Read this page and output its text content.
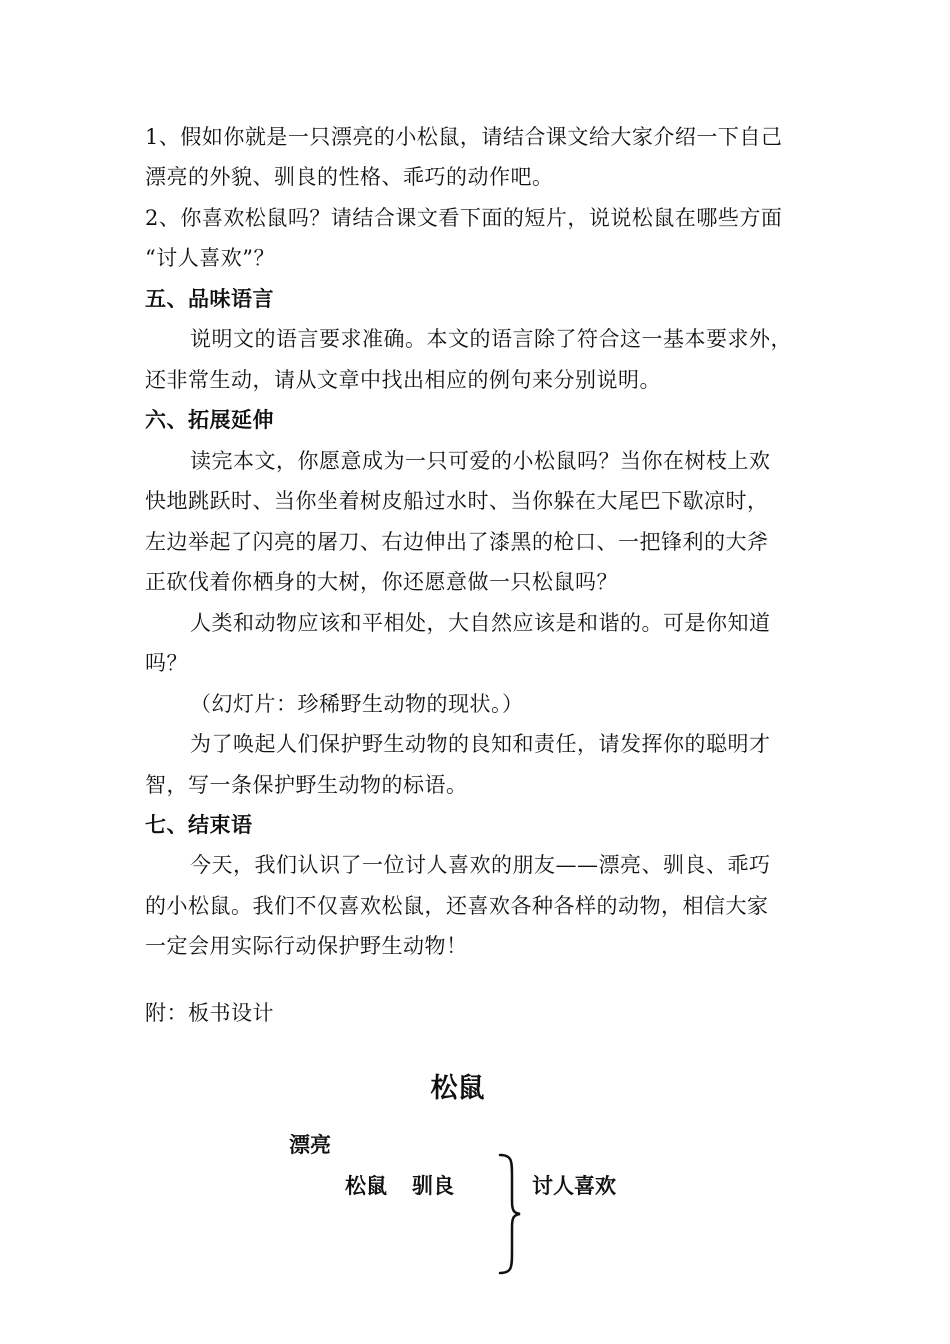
1、假如你就是一只漂亮的小松鼠，请结合课文给大家介绍一下自己
漂亮的外貌、驯良的性格、乖巧的动作吧。
2、你喜欢松鼠吗？请结合课文看下面的短片，说说松鼠在哪些方面
“讨人喜欢”？
五、品味语言
说明文的语言要求准确。本文的语言除了符合这一基本要求外，
还非常生动，请从文章中找出相应的例句来分别说明。
六、拓展延伸
读完本文，你愿意成为一只可爱的小松鼠吗？当你在树枝上欢
快地跳跃时、当你坐着树皮船过水时、当你躲在大尾巴下歇凉时，
左边举起了闪亮的屠刀、右边伸出了漆黑的枪口、一把锋利的大斧
正砍伐着你栖身的大树，你还愿意做一只松鼠吗？
人类和动物应该和平相处，大自然应该是和谐的。可是你知道
吗？
（幻灯片：珍稀野生动物的现状。）
为了唤起人们保护野生动物的良知和责任，请发挥你的聪明才
智，写一条保护野生动物的标语。
七、结束语
今天，我们认识了一位讨人喜欢的朋友——漂亮、驯良、乖巧
的小松鼠。我们不仅喜欢松鼠，还喜欢各种各样的动物，相信大家
一定会用实际行动保护野生动物！
附：板书设计
松鼠
漂亮
松鼠 驯良	讨人喜欢
